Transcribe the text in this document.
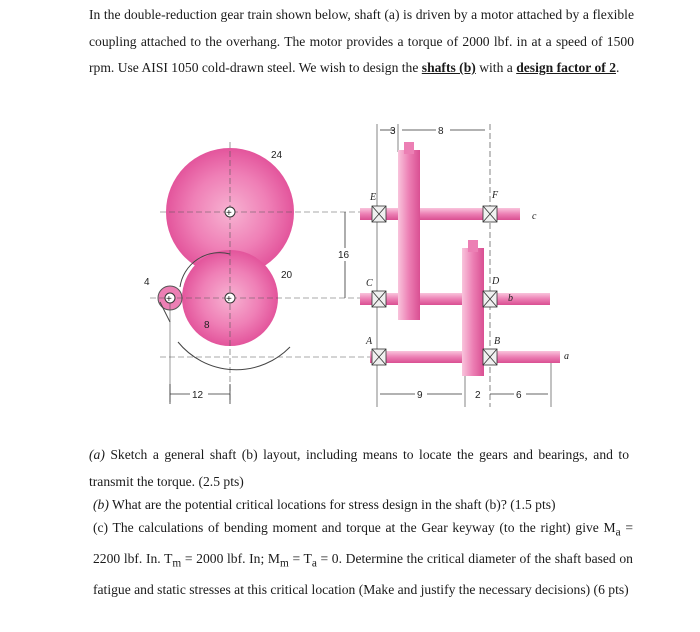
In the double-reduction gear train shown below, shaft (a) is driven by a motor attached by a flexible coupling attached to the overhang. The motor provides a torque of 2000 lbf. in at a speed of 1500 rpm. Use AISI 1050 cold-drawn steel. We wish to design the shafts (b) with a design factor of 2.
+
+
+
24
20
8
4
12
3	8
16
E	F
C	D
A	B
c
b
a
9	2	6
(a) Sketch a general shaft (b) layout, including means to locate the gears and bearings, and to transmit the torque. (2.5 pts)
(b) What are the potential critical locations for stress design in the shaft (b)? (1.5 pts)
(c) The calculations of bending moment and torque at the Gear keyway (to the right) give $M_a = 2200$ lbf. In. $T_m = 2000$ lbf. In; $M_m = T_a = 0$. Determine the critical diameter of the shaft based on fatigue and static stresses at this critical location (Make and justify the necessary decisions) (6 pts)
